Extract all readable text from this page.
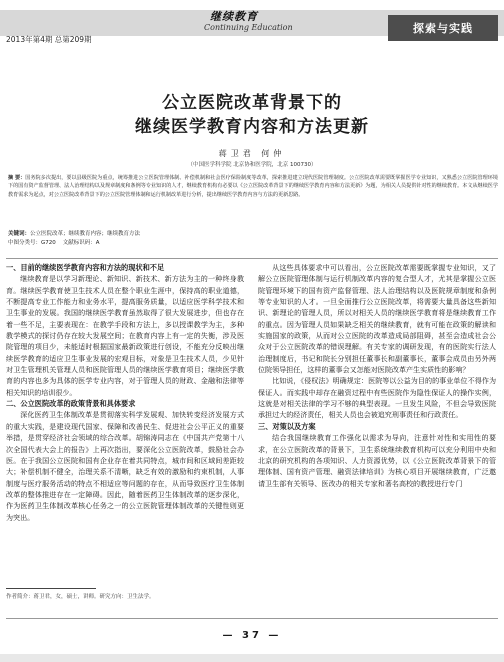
2013年第4期 总第209期
继续教育
Continuing Education	探索与实践
公立医院改革背景下的
继续医学教育内容和方法更新
蒋卫君 何仲
（中国医学科学院 北京协和医学院，北京 100730）
摘 要：国务院多次提出，要以县级医院为重点，统筹推进公立医院管理体制、补偿机制和社会医疗保险制度等改革，探索推进建立现代医院管理制度。公立医院改革需要既掌握医学专业知识，又熟悉公立医院管理环境下的国有资产监督管理、法人治理结构以及规章制度和条例等专业知识的人才，继续教育机构有必要以《公立医院改革背景下的继续医学教育内容和方法更新》为题，为相关人员提供针对性的继续教育。本文从继续医学教育需求为起点，对公立医院改革背景下的公立医院管理体制和运行机制改革进行分析，提出继续医学教育内容与方法的更新思路。
关键词：公立医院改革；继续教育内容；继续教育方法
中图分类号：G720 文献标识码：A
一、目前的继续医学教育内容和方法的现状和不足

继续教育是以学习新理论、新知识、新技术、新方法为主的一种终身教育。继续医学教育使卫生技术人员在整个职业生涯中，保持高的职业道德，不断提高专业工作能力和业务水平，提高服务质量，以适应医学科学技术和卫生事业的发展。我国的继续医学教育虽然取得了很大发展进步，但也存在着一些不足，主要表现在：在教学手段和方法上，多以授课教学为主，多种教学模式的探讨仍存在较大发展空间；在教育内容上有一定的失衡，涉及医院管理的项目少，未能适时根据国家最新政策进行创设，不能充分反映出继续医学教育的适应卫生事业发展的宏观目标，对象是卫生技术人员，少见针对卫生管理机关管理人员和医院管理人员的继续医学教育项目；继续医学教育的内容也多为具体的医学专业内容，对于管理人员的财政、金融和法律等相关知识的培训很少。

二、公立医院改革的政策背景和具体要求

深化医药卫生体制改革是贯彻落实科学发展观、加快转变经济发展方式的重大实践，是建设现代国家、保障和改善民生、促进社会公平正义的重要举措，是贯穿经济社会领域的综合改革。胡锦涛同志在《中国共产党第十八次全国代表大会上的报告》上再次指出，要深化公立医院改革，鼓励社会办医。在于我国公立医院和国有企业存在着共同特点，城市间和区域间差距较大；补偿机制不健全，治理关系不清晰，缺乏有效的激励和约束机制，人事制度与医疗服务活动的特点不相适应等问题的存在，从而导致医疗卫生体制改革的整体推进存在一定障碍。因此，随着医药卫生体制改革的逐步深化，作为医药卫生体制改革核心任务之一的公立医院管理体制改革的关键性则更为突出。

从这些具体要求中可以看出，公立医院改革需要既掌握专业知识，又了解公立医院管理体制与运行机制改革内容的复合型人才，尤其是掌握公立医院管理环境下的国有资产监督管理、法人治理结构以及医院规章制度和条例等专业知识的人才。一旦全面推行公立医院改革，将需要大量具备这些新知识、新理论的管理人员，所以对相关人员的继续医学教育将是继续教育工作的重点。因为管理人员如果缺乏相关的继续教育，就有可能在政策的解读和实施国家的政策，从而对公立医院的改革造成局部阻碍，甚至会造成社会公众对于公立医院改革的错误理解。有关专家的调研发现，有的医院实行法人治理制度后，书记和院长分别担任董事长和副董事长，董事会成员由另外两位院领导担任，这样的董事会又怎能对医院改革产生实质性的影响？

比如说，《侵权法》明确规定：医院等以公益为目的的事业单位不得作为保证人。而实践中却存在融资过程中有些医院作为隐性保证人的操作实例，这就是对相关法律的学习不够的典型表现。一旦发生风险，不但会导致医院承担过大的经济责任，相关人员也会被追究刑事责任和行政责任。

三、对策以及方案

结合我国继续教育工作强化以需求为导向，注意针对性和实用性的要求，在公立医院改革的背景下，卫生系统继续教育机构可以充分利用中央和北京的研究机构的各项知识、人力资源优势，以《公立医院改革背景下的管理体制、国有资产管理、融资法律培训》为核心项目开展继续教育，广泛邀请卫生部有关领导、医改办的相关专家和著名高校的教授进行专门

作者简介：蒋卫君，女，硕士，讲师。研究方向：卫生法学。
— 37 —
